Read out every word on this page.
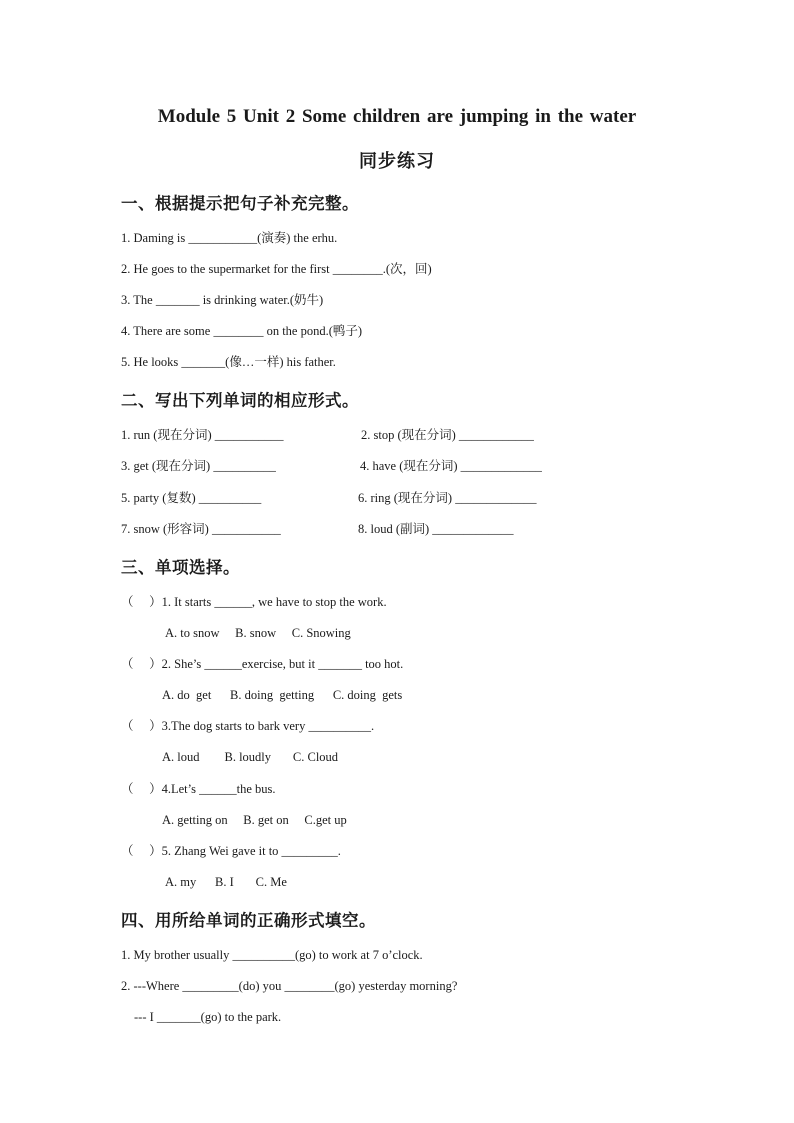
Module 5 Unit 2 Some children are jumping in the water
同步练习
一、根据提示把句子补充完整。
1. Daming is ___________(演奏) the erhu.
2. He goes to the supermarket for the first ________.(次，回)
3. The _______ is drinking water.(奶牛)
4. There are some ________ on the pond.(鸭子)
5. He looks _______(像…一样) his father.
二、写出下列单词的相应形式。
1. run (现在分词) ___________	2. stop (现在分词) ____________
3. get (现在分词) __________	4. have (现在分词) _____________
5. party (复数) __________	6. ring (现在分词) _____________
7. snow (形容词) ___________	8. loud (副词) _____________
三、单项选择。
（     ）1. It starts ______, we have to stop the work.
A. to snow     B. snow     C. Snowing
（     ）2. She’s ______exercise, but it _______ too hot.
A. do  get      B. doing  getting      C. doing  gets
（     ）3.The dog starts to bark very __________.
A. loud        B. loudly       C. Cloud
（     ）4.Let’s ______the bus.
A. getting on     B. get on     C.get up
（     ）5. Zhang Wei gave it to _________.
A. my      B. I       C. Me
四、用所给单词的正确形式填空。
1. My brother usually __________(go) to work at 7 o’clock.
2. ---Where _________(do) you ________(go) yesterday morning?
--- I _______(go) to the park.
